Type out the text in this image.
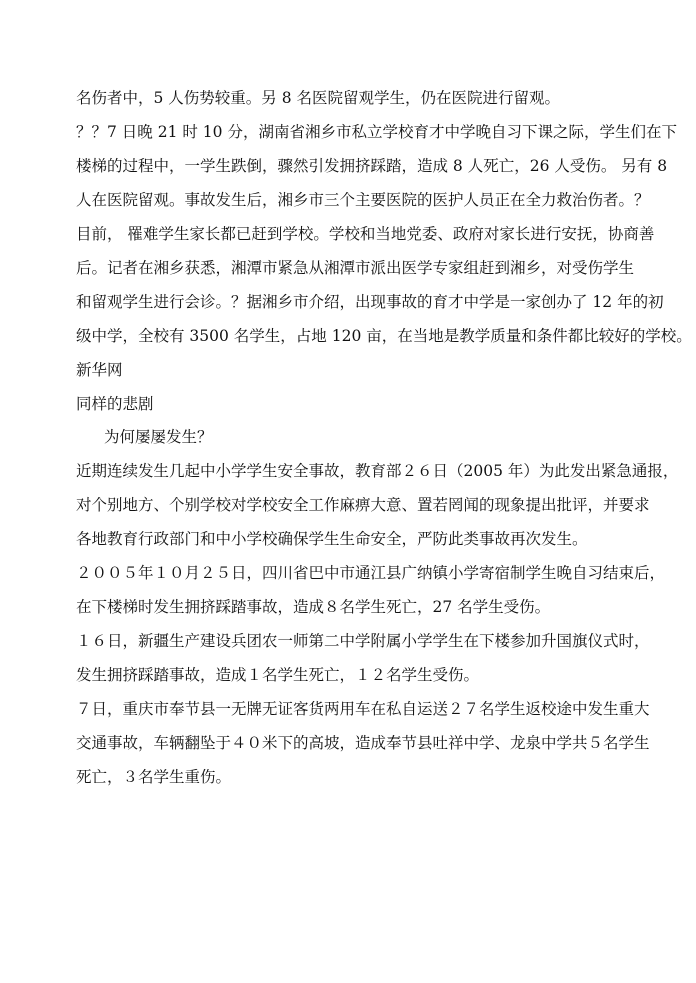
名伤者中，5 人伤势较重。另 8 名医院留观学生，仍在医院进行留观。
？？7 日晚 21 时 10 分，湖南省湘乡市私立学校育才中学晚自习下课之际，学生们在下
楼梯的过程中，一学生跌倒，骤然引发拥挤踩踏，造成 8 人死亡，26 人受伤。 另有 8
人在医院留观。事故发生后，湘乡市三个主要医院的医护人员正在全力救治伤者。？
目前， 罹难学生家长都已赶到学校。学校和当地党委、政府对家长进行安抚，协商善
后。记者在湘乡获悉，湘潭市紧急从湘潭市派出医学专家组赶到湘乡，对受伤学生
和留观学生进行会诊。？据湘乡市介绍，出现事故的育才中学是一家创办了 12 年的初
级中学，全校有 3500 名学生，占地 120 亩，在当地是教学质量和条件都比较好的学校。
新华网
同样的悲剧
为何屡屡发生？
近期连续发生几起中小学学生安全事故，教育部２６日（2005 年）为此发出紧急通报，
对个别地方、个别学校对学校安全工作麻痹大意、置若罔闻的现象提出批评，并要求
各地教育行政部门和中小学校确保学生生命安全，严防此类事故再次发生。
２００５年１０月２５日，四川省巴中市通江县广纳镇小学寄宿制学生晚自习结束后，
在下楼梯时发生拥挤踩踏事故，造成８名学生死亡，27 名学生受伤。
１６日，新疆生产建设兵团农一师第二中学附属小学学生在下楼参加升国旗仪式时，
发生拥挤踩踏事故，造成１名学生死亡，１２名学生受伤。
７日，重庆市奉节县一无牌无证客货两用车在私自运送２７名学生返校途中发生重大
交通事故，车辆翻坠于４０米下的高坡，造成奉节县吐祥中学、龙泉中学共５名学生
死亡，３名学生重伤。
